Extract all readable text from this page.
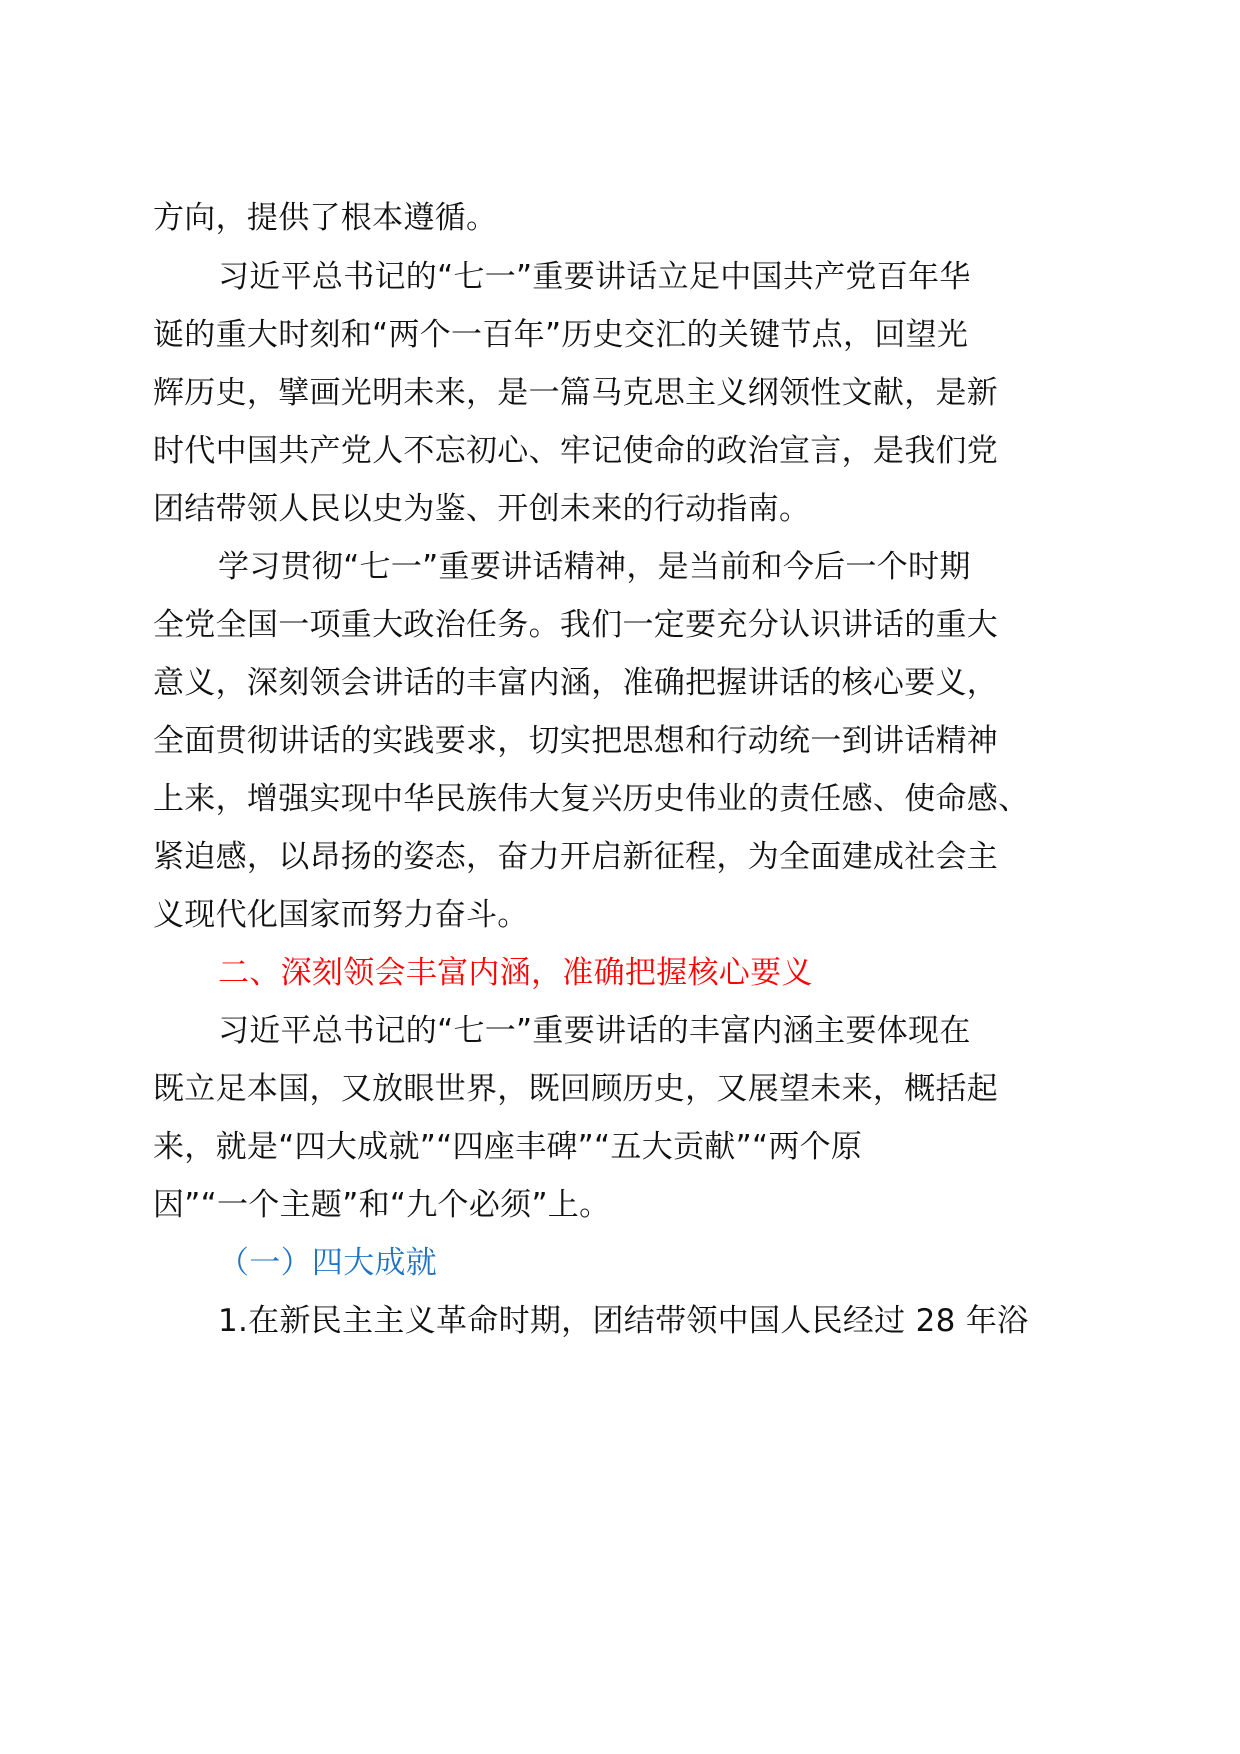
方向，提供了根本遵循。
习近平总书记的“七一”重要讲话立足中国共产党百年华
诞的重大时刻和“两个一百年”历史交汇的关键节点，回望光
辉历史，擘画光明未来，是一篇马克思主义纲领性文献，是新
时代中国共产党人不忘初心、牢记使命的政治宣言，是我们党
团结带领人民以史为鉴、开创未来的行动指南。
学习贯彻“七一”重要讲话精神，是当前和今后一个时期
全党全国一项重大政治任务。我们一定要充分认识讲话的重大
意义，深刻领会讲话的丰富内涵，准确把握讲话的核心要义，
全面贯彻讲话的实践要求，切实把思想和行动统一到讲话精神
上来，增强实现中华民族伟大复兴历史伟业的责任感、使命感、
紧迫感，以昂扬的姿态，奋力开启新征程，为全面建成社会主
义现代化国家而努力奋斗。
二、深刻领会丰富内涵，准确把握核心要义
习近平总书记的“七一”重要讲话的丰富内涵主要体现在
既立足本国，又放眼世界，既回顾历史，又展望未来，概括起
来，就是“四大成就”“四座丰碑”“五大贡献”“两个原
因”“一个主题”和“九个必须”上。
（一）四大成就
1.在新民主主义革命时期，团结带领中国人民经过 28 年浴
